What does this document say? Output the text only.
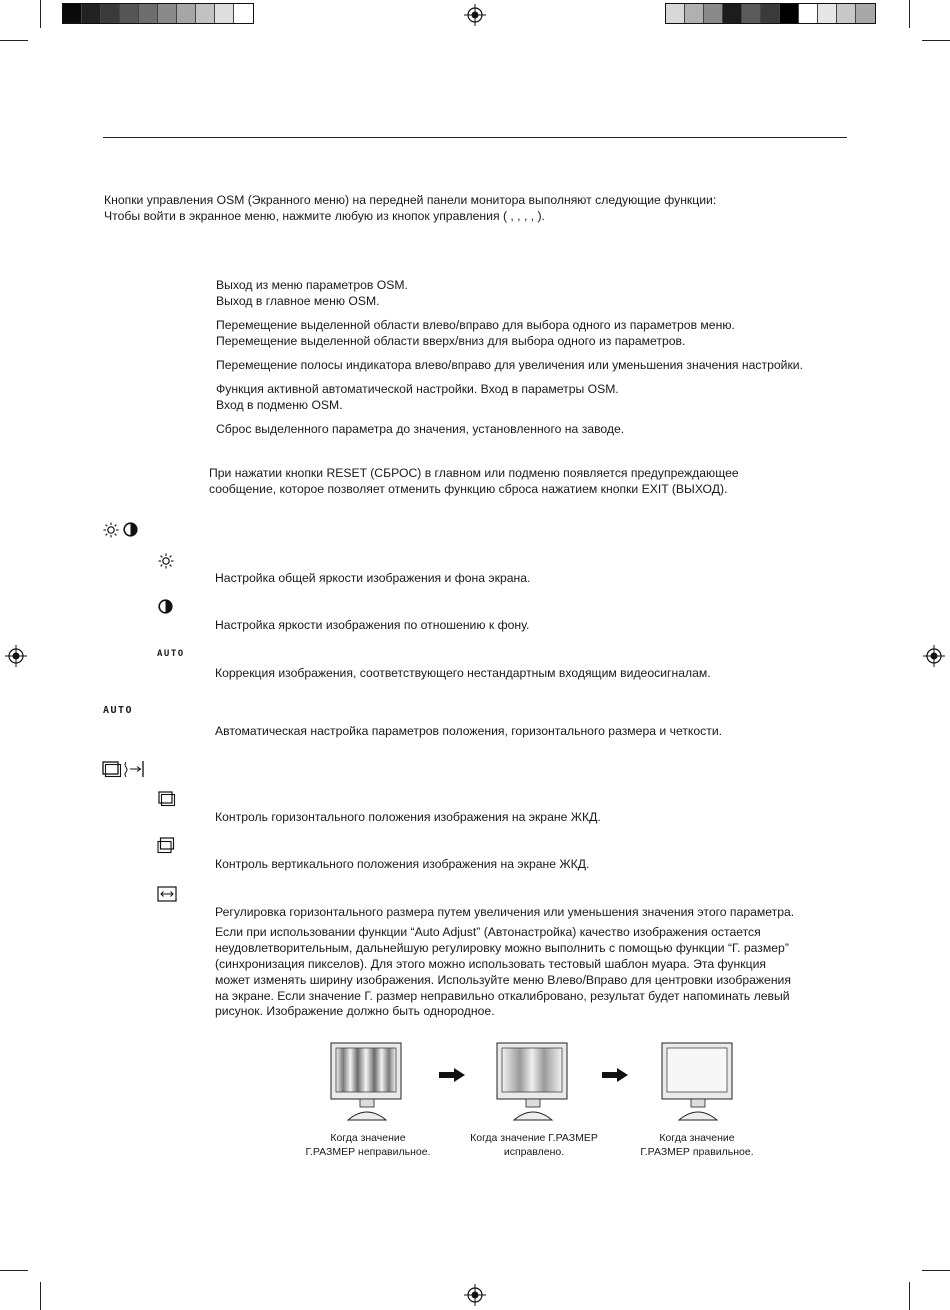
Кнопки управления OSM (Экранного меню) на передней панели монитора выполняют следующие функции:
Чтобы войти в экранное меню, нажмите любую из кнопок управления ( , , , , ).
Выход из меню параметров OSM.
Выход в главное меню OSM.
Перемещение выделенной области влево/вправо для выбора одного из параметров меню.
Перемещение выделенной области вверх/вниз для выбора одного из параметров.
Перемещение полосы индикатора влево/вправо для увеличения или уменьшения значения настройки.
Функция активной автоматической настройки. Вход в параметры OSM.
Вход в подменю OSM.
Сброс выделенного параметра до значения, установленного на заводе.
При нажатии кнопки RESET (СБРОС) в главном или подменю появляется предупреждающее
сообщение, которое позволяет отменить функцию сброса нажатием кнопки EXIT (ВЫХОД).
Настройка общей яркости изображения и фона экрана.
Настройка яркости изображения по отношению к фону.
AUTO
Коррекция изображения, соответствующего нестандартным входящим видеосигналам.
AUTO
Автоматическая настройка параметров положения, горизонтального размера и четкости.
Контроль горизонтального положения изображения на экране ЖКД.
Контроль вертикального положения изображения на экране ЖКД.
Регулировка горизонтального размера путем увеличения или уменьшения значения этого параметра.
Если при использовании функции “Auto Adjust” (Автонастройка) качество изображения остается
неудовлетворительным, дальнейшую регулировку можно выполнить с помощью функции “Г. размер”
(синхронизация пикселов). Для этого можно использовать тестовый шаблон муара. Эта функция
может изменять ширину изображения. Используйте меню Влево/Вправо для центровки изображения
на экране. Если значение Г. размер неправильно откалибровано, результат будет напоминать левый
рисунок. Изображение должно быть однородное.
Когда значение
Г.РАЗМЕР неправильное.
Когда значение Г.РАЗМЕР
исправлено.
Когда значение
Г.РАЗМЕР правильное.
